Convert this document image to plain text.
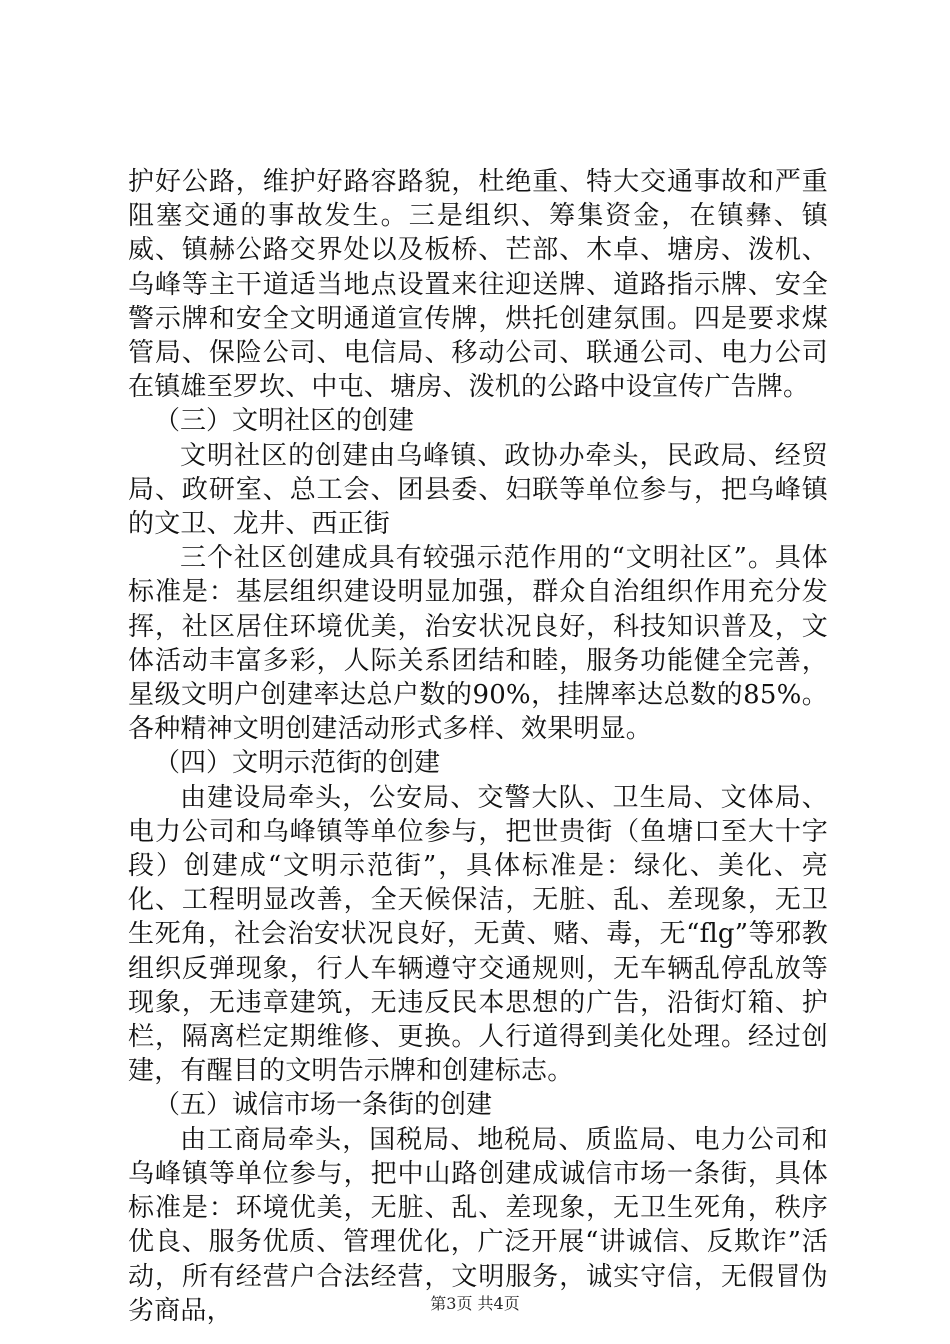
护好公路，维护好路容路貌，杜绝重、特大交通事故和严重阻塞交通的事故发生。三是组织、筹集资金，在镇彝、镇威、镇赫公路交界处以及板桥、芒部、木卓、塘房、泼机、乌峰等主干道适当地点设置来往迎送牌、道路指示牌、安全警示牌和安全文明通道宣传牌，烘托创建氛围。四是要求煤管局、保险公司、电信局、移动公司、联通公司、电力公司在镇雄至罗坎、中屯、塘房、泼机的公路中设宣传广告牌。

（三）文明社区的创建

文明社区的创建由乌峰镇、政协办牵头，民政局、经贸局、政研室、总工会、团县委、妇联等单位参与，把乌峰镇的文卫、龙井、西正街

三个社区创建成具有较强示范作用的“文明社区”。具体标准是：基层组织建设明显加强，群众自治组织作用充分发挥，社区居住环境优美，治安状况良好，科技知识普及，文体活动丰富多彩，人际关系团结和睦，服务功能健全完善，星级文明户创建率达总户数的90%，挂牌率达总数的85%。各种精神文明创建活动形式多样、效果明显。

（四）文明示范街的创建

由建设局牵头，公安局、交警大队、卫生局、文体局、电力公司和乌峰镇等单位参与，把世贵街（鱼塘口至大十字段）创建成“文明示范街”，具体标准是：绿化、美化、亮化、工程明显改善，全天候保洁，无脏、乱、差现象，无卫生死角，社会治安状况良好，无黄、赌、毒，无“flg”等邪教组织反弹现象，行人车辆遵守交通规则，无车辆乱停乱放等现象，无违章建筑，无违反民本思想的广告，沿街灯箱、护栏，隔离栏定期维修、更换。人行道得到美化处理。经过创建，有醒目的文明告示牌和创建标志。

（五）诚信市场一条街的创建

由工商局牵头，国税局、地税局、质监局、电力公司和乌峰镇等单位参与，把中山路创建成诚信市场一条街，具体标准是：环境优美，无脏、乱、差现象，无卫生死角，秩序优良、服务优质、管理优化，广泛开展“讲诚信、反欺诈”活动，所有经营户合法经营，文明服务，诚实守信，无假冒伪劣商品，	第3页 共4页
